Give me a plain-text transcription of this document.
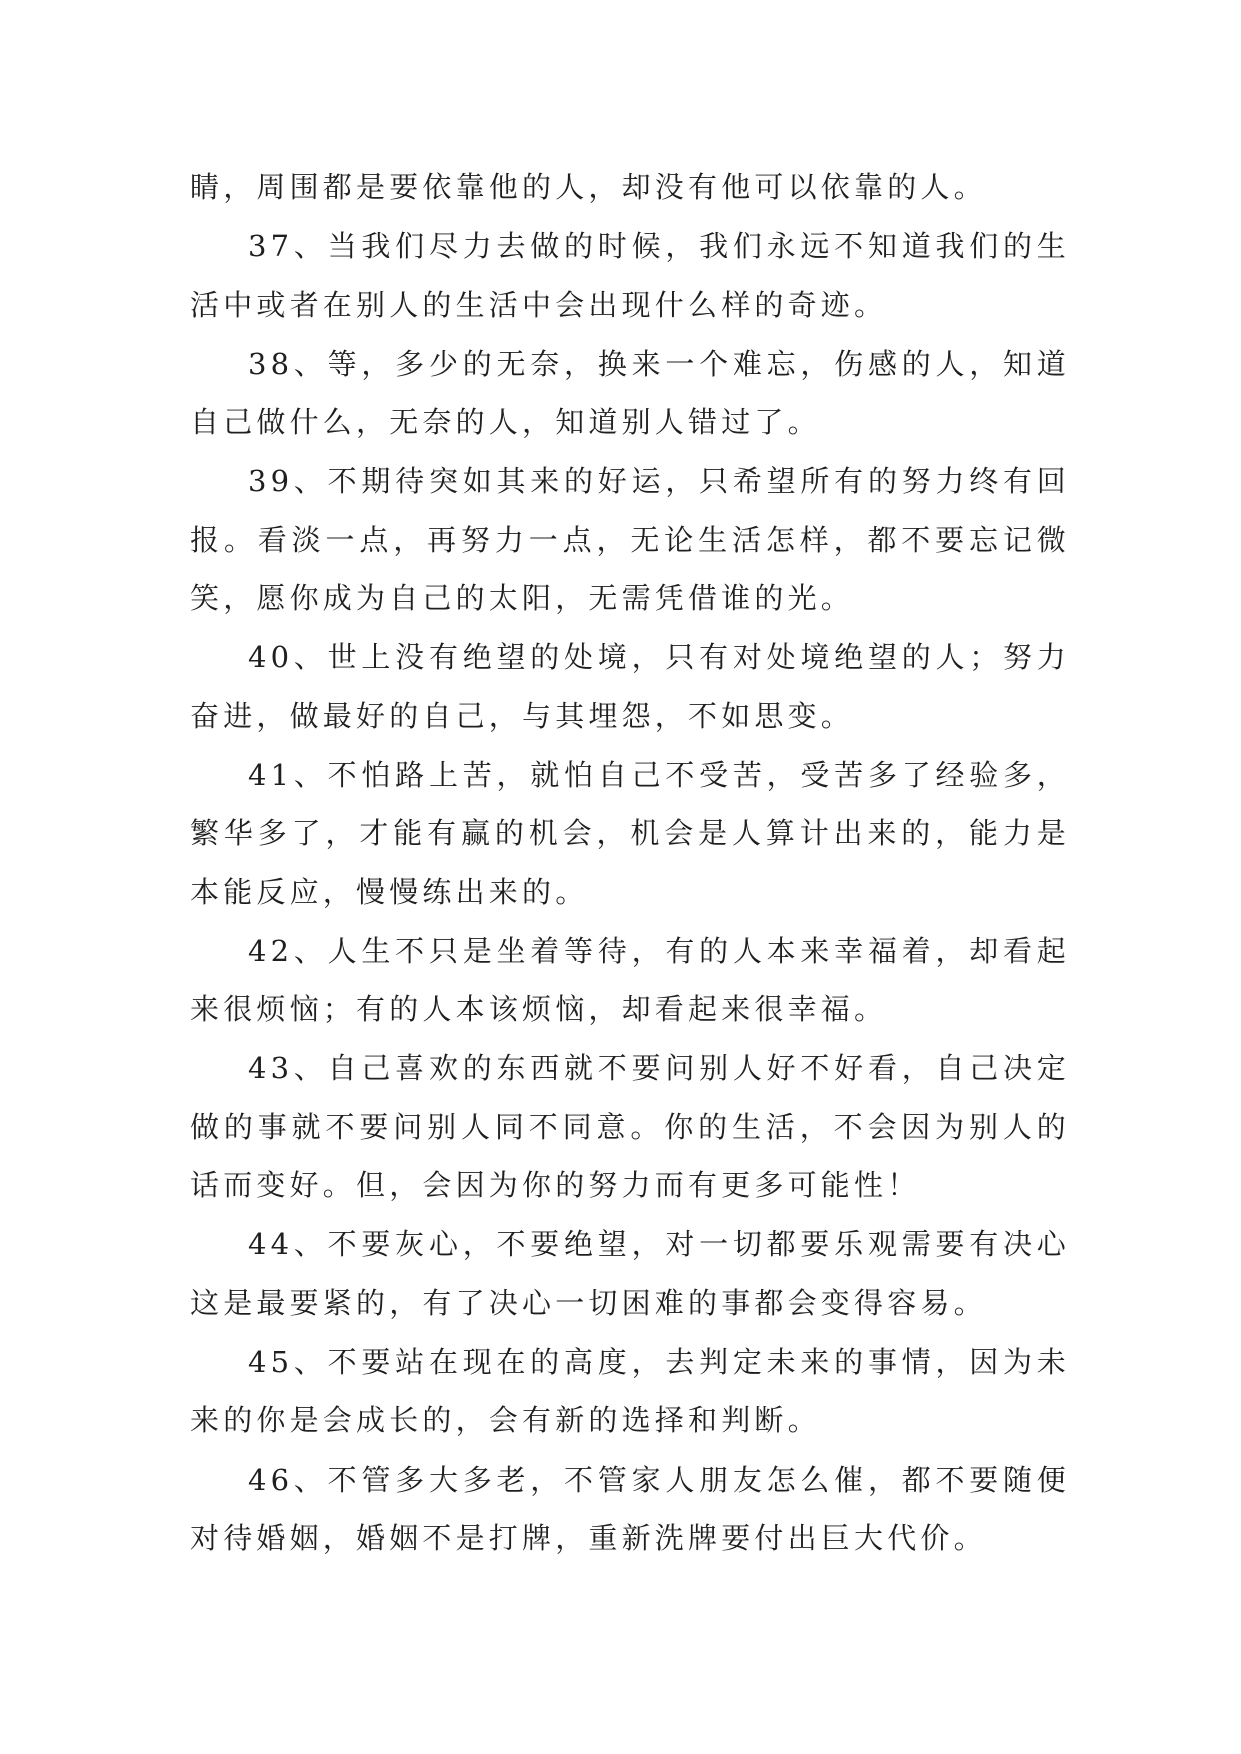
睛，周围都是要依靠他的人，却没有他可以依靠的人。

37、当我们尽力去做的时候，我们永远不知道我们的生活中或者在别人的生活中会出现什么样的奇迹。

38、等，多少的无奈，换来一个难忘，伤感的人，知道自己做什么，无奈的人，知道别人错过了。

39、不期待突如其来的好运，只希望所有的努力终有回报。看淡一点，再努力一点，无论生活怎样，都不要忘记微笑，愿你成为自己的太阳，无需凭借谁的光。

40、世上没有绝望的处境，只有对处境绝望的人；努力奋进，做最好的自己，与其埋怨，不如思变。

41、不怕路上苦，就怕自己不受苦，受苦多了经验多，繁华多了，才能有赢的机会，机会是人算计出来的，能力是本能反应，慢慢练出来的。

42、人生不只是坐着等待，有的人本来幸福着，却看起来很烦恼；有的人本该烦恼，却看起来很幸福。

43、自己喜欢的东西就不要问别人好不好看，自己决定做的事就不要问别人同不同意。你的生活，不会因为别人的话而变好。但，会因为你的努力而有更多可能性！

44、不要灰心，不要绝望，对一切都要乐观需要有决心这是最要紧的，有了决心一切困难的事都会变得容易。

45、不要站在现在的高度，去判定未来的事情，因为未来的你是会成长的，会有新的选择和判断。

46、不管多大多老，不管家人朋友怎么催，都不要随便对待婚姻，婚姻不是打牌，重新洗牌要付出巨大代价。
